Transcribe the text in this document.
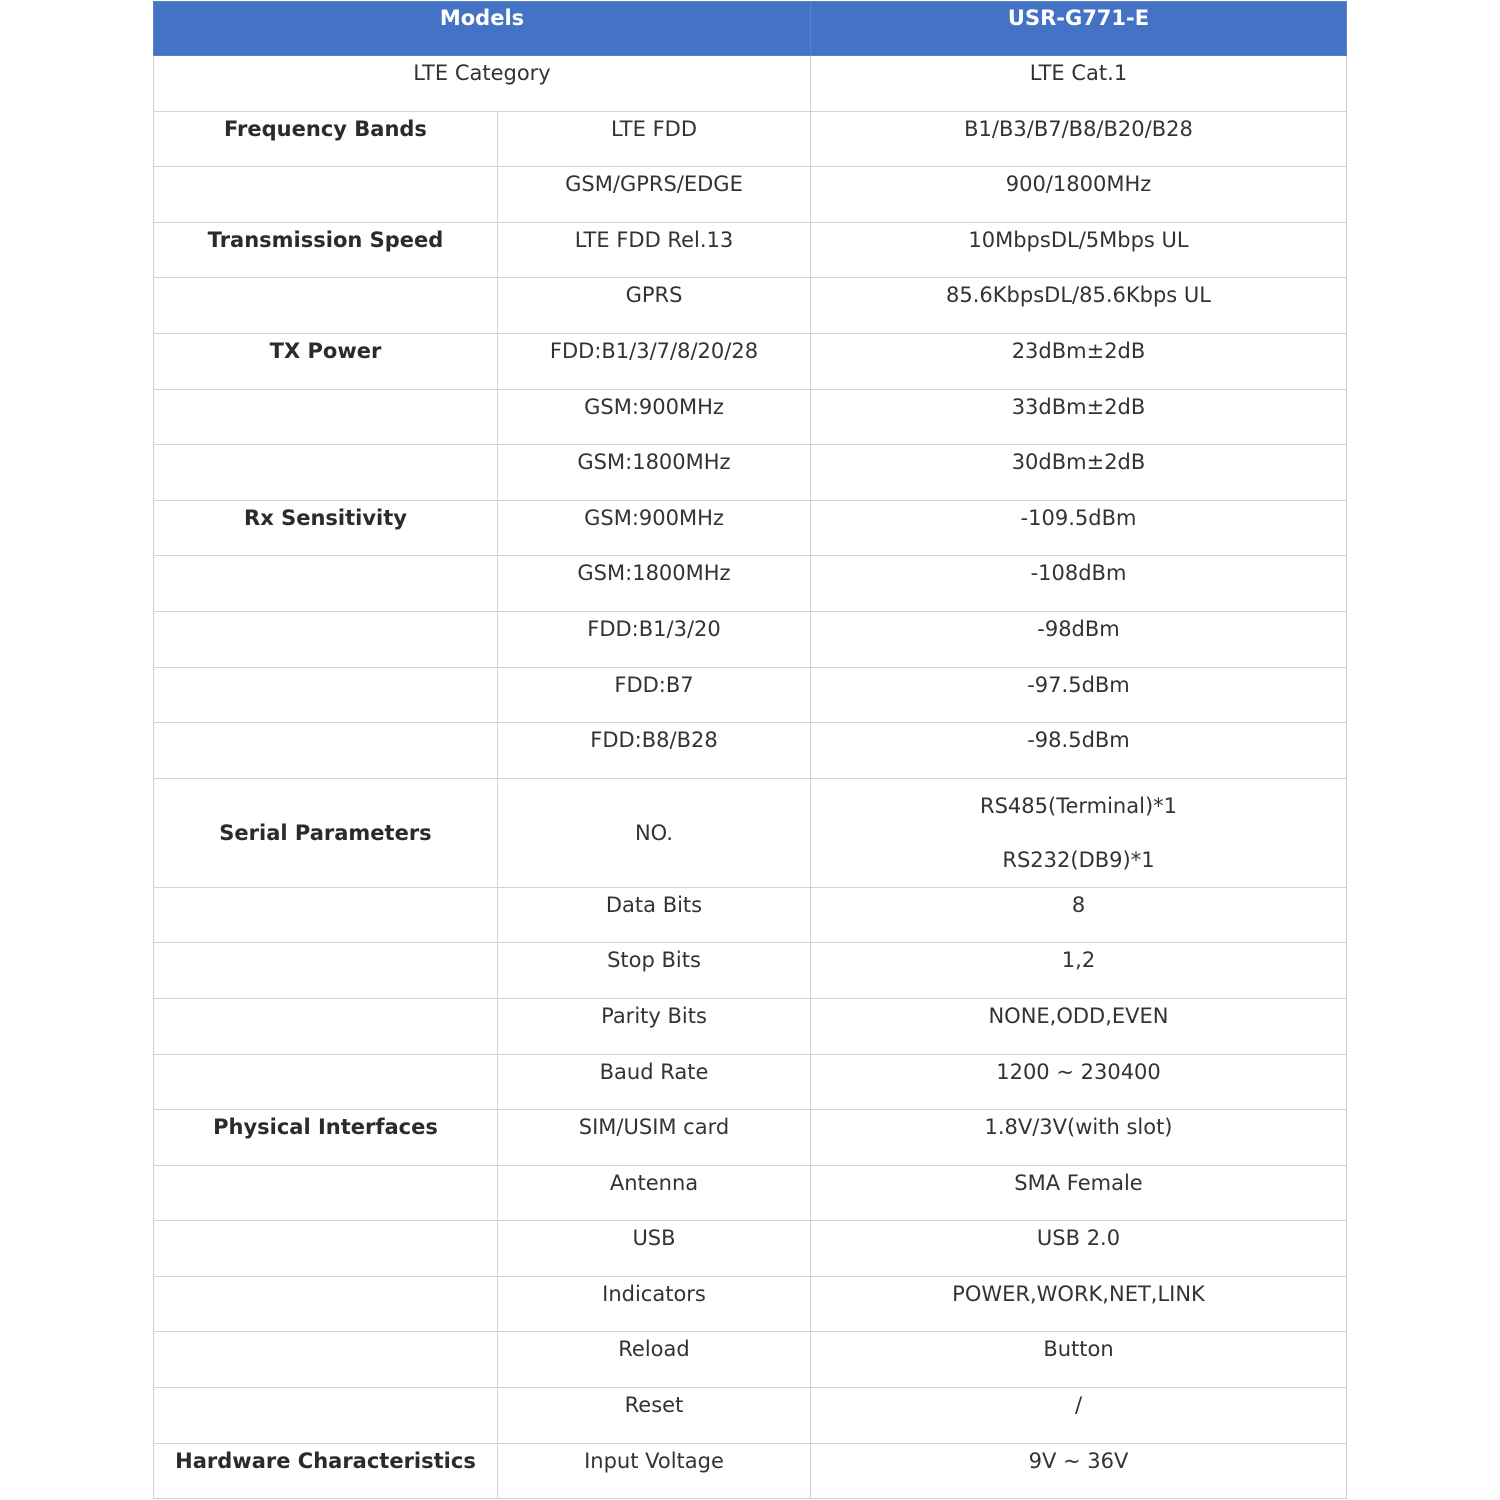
Models		USR-G771-E
LTE Category		LTE Cat.1
Frequency Bands	LTE FDD	B1/B3/B7/B8/B20/B28
	GSM/GPRS/EDGE	900/1800MHz
Transmission Speed	LTE FDD Rel.13	10MbpsDL/5Mbps UL
	GPRS	85.6KbpsDL/85.6Kbps UL
TX Power	FDD:B1/3/7/8/20/28	23dBm±2dB
	GSM:900MHz	33dBm±2dB
	GSM:1800MHz	30dBm±2dB
Rx Sensitivity	GSM:900MHz	-109.5dBm
	GSM:1800MHz	-108dBm
	FDD:B1/3/20	-98dBm
	FDD:B7	-97.5dBm
	FDD:B8/B28	-98.5dBm
Serial Parameters	NO.	RS485(Terminal)*1
RS232(DB9)*1

	Data Bits	8
	Stop Bits	1,2
	Parity Bits	NONE,ODD,EVEN
	Baud Rate	1200 ~ 230400
Physical Interfaces	SIM/USIM card	1.8V/3V(with slot)
	Antenna	SMA Female
	USB	USB 2.0
	Indicators	POWER,WORK,NET,LINK
	Reload	Button
	Reset	/
Hardware Characteristics	Input Voltage	9V ~ 36V
